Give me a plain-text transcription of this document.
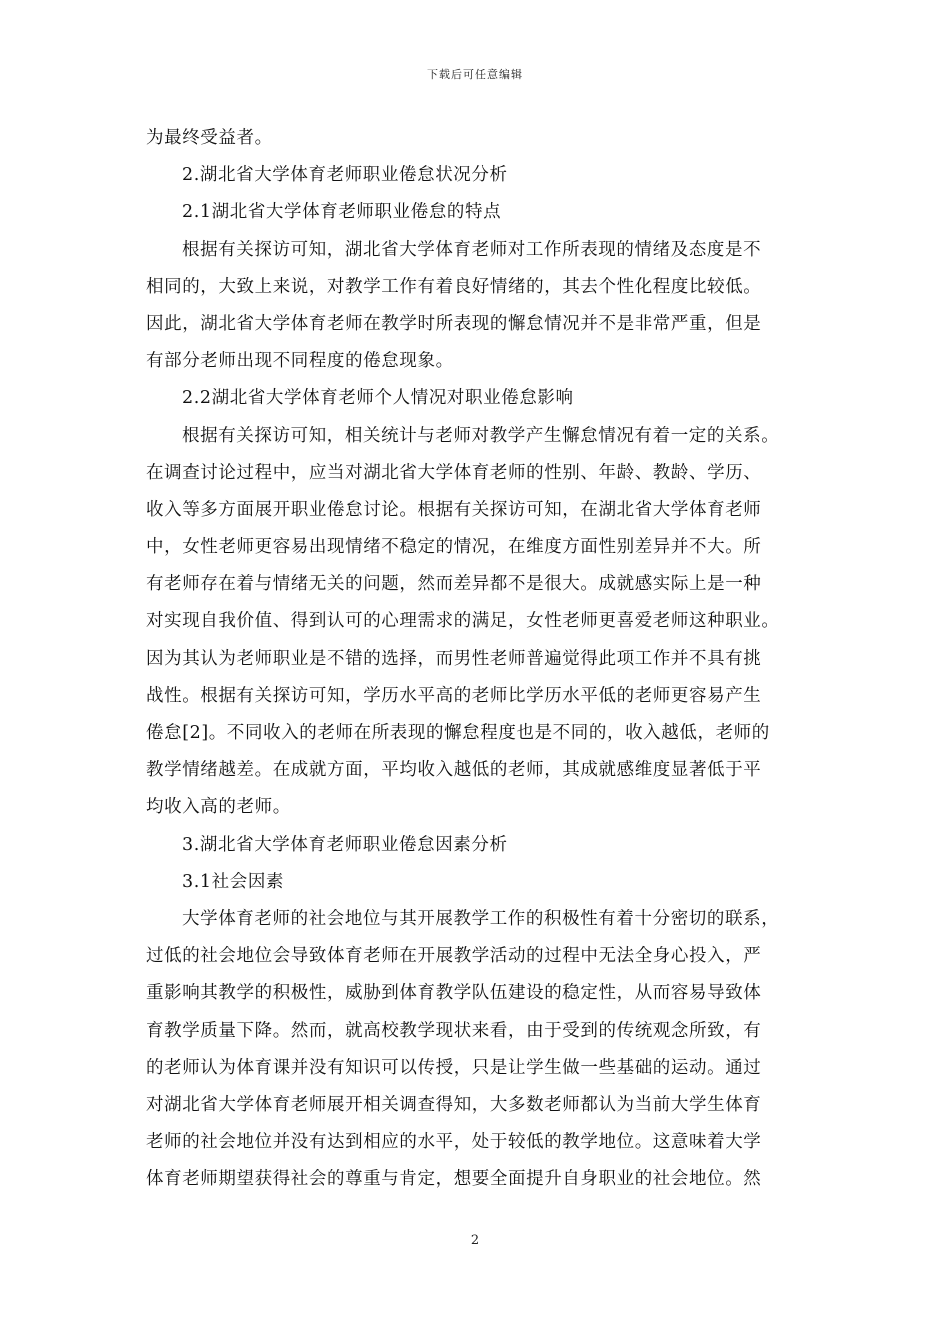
下载后可任意编辑
为最终受益者。
2.湖北省大学体育老师职业倦怠状况分析
2.1湖北省大学体育老师职业倦怠的特点
根据有关探访可知，湖北省大学体育老师对工作所表现的情绪及态度是不
相同的，大致上来说，对教学工作有着良好情绪的，其去个性化程度比较低。
因此，湖北省大学体育老师在教学时所表现的懈怠情况并不是非常严重，但是
有部分老师出现不同程度的倦怠现象。
2.2湖北省大学体育老师个人情况对职业倦怠影响
根据有关探访可知，相关统计与老师对教学产生懈怠情况有着一定的关系。
在调查讨论过程中，应当对湖北省大学体育老师的性别、年龄、教龄、学历、
收入等多方面展开职业倦怠讨论。根据有关探访可知，在湖北省大学体育老师
中，女性老师更容易出现情绪不稳定的情况，在维度方面性别差异并不大。所
有老师存在着与情绪无关的问题，然而差异都不是很大。成就感实际上是一种
对实现自我价值、得到认可的心理需求的满足，女性老师更喜爱老师这种职业。
因为其认为老师职业是不错的选择，而男性老师普遍觉得此项工作并不具有挑
战性。根据有关探访可知，学历水平高的老师比学历水平低的老师更容易产生
倦怠[2]。不同收入的老师在所表现的懈怠程度也是不同的，收入越低，老师的
教学情绪越差。在成就方面，平均收入越低的老师，其成就感维度显著低于平
均收入高的老师。
3.湖北省大学体育老师职业倦怠因素分析
3.1社会因素
大学体育老师的社会地位与其开展教学工作的积极性有着十分密切的联系，
过低的社会地位会导致体育老师在开展教学活动的过程中无法全身心投入，严
重影响其教学的积极性，威胁到体育教学队伍建设的稳定性，从而容易导致体
育教学质量下降。然而，就高校教学现状来看，由于受到的传统观念所致，有
的老师认为体育课并没有知识可以传授，只是让学生做一些基础的运动。通过
对湖北省大学体育老师展开相关调查得知，大多数老师都认为当前大学生体育
老师的社会地位并没有达到相应的水平，处于较低的教学地位。这意味着大学
体育老师期望获得社会的尊重与肯定，想要全面提升自身职业的社会地位。然
2
